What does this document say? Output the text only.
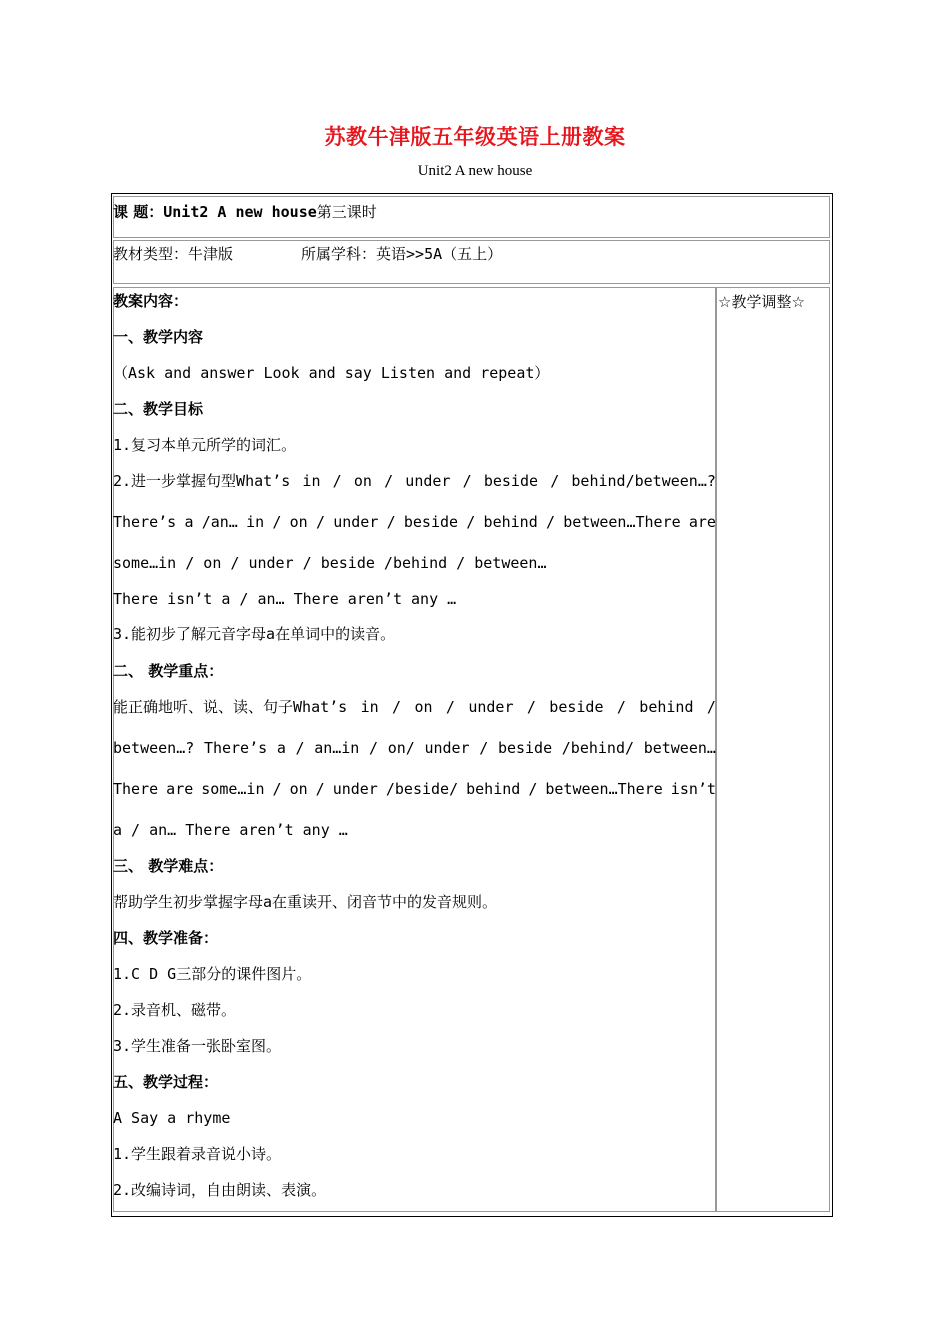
苏教牛津版五年级英语上册教案
Unit2 A new house
课 题：Unit2 A new house第三课时
教材类型：牛津版	所属学科：英语>>5A（五上）
☆教学调整☆
教案内容：
一、教学内容
（Ask and answer Look and say Listen and repeat）
二、教学目标
1.复习本单元所学的词汇。
2.进一步掌握句型What’s in / on / under / beside / behind/between…?
There’s a /an… in / on / under / beside / behind / between…There are
some…in / on / under / beside /behind / between…
There isn’t a / an… There aren’t any …
3.能初步了解元音字母a在单词中的读音。
二、 教学重点：
能正确地听、说、读、句子What’s in / on / under / beside / behind /
between…? There’s a / an…in / on/ under / beside /behind/ between…
There are some…in / on / under /beside/ behind / between…There isn’t
a / an… There aren’t any …
三、 教学难点：
帮助学生初步掌握字母a在重读开、闭音节中的发音规则。
四、教学准备：
1.C D G三部分的课件图片。
2.录音机、磁带。
3.学生准备一张卧室图。
五、教学过程：
A Say a rhyme
1.学生跟着录音说小诗。
2.改编诗词，自由朗读、表演。
